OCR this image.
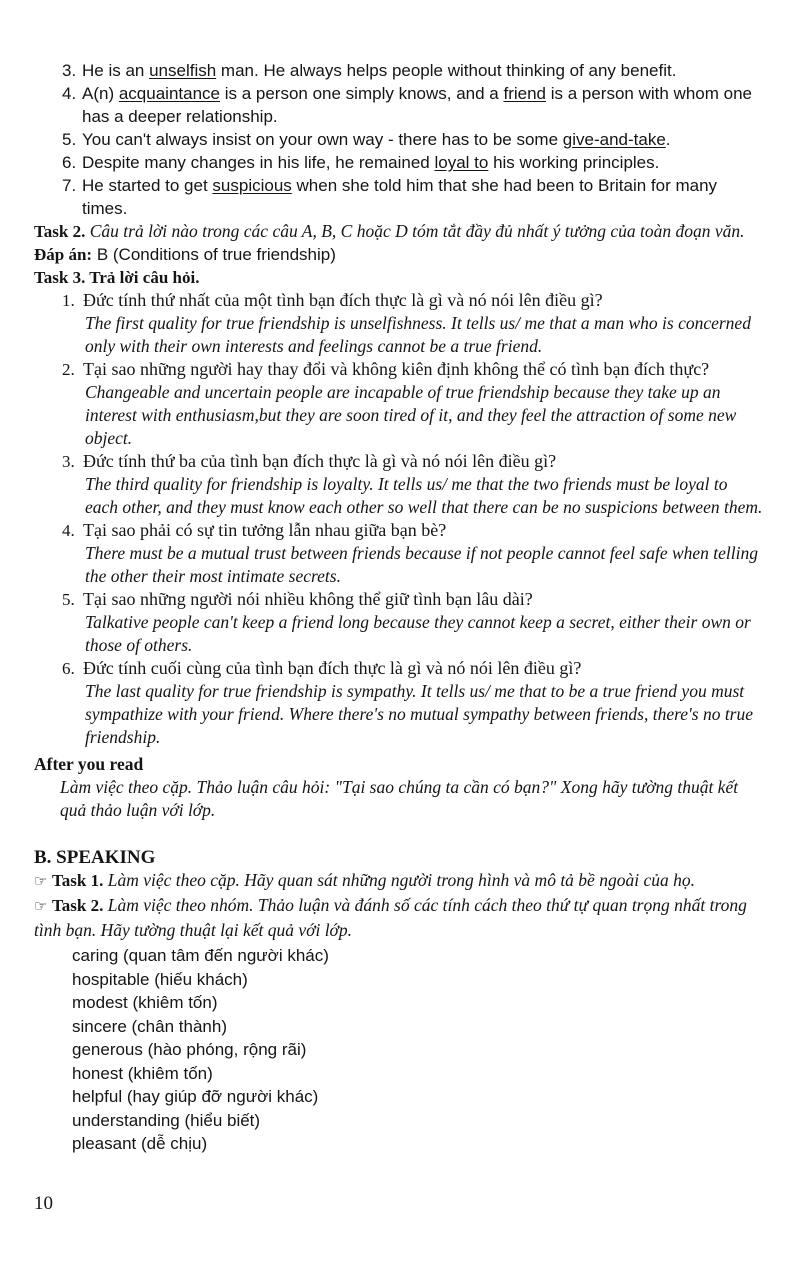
3. He is an unselfish man. He always helps people without thinking of any benefit.
4. A(n) acquaintance is a person one simply knows, and a friend is a person with whom one has a deeper relationship.
5. You can't always insist on your own way - there has to be some give-and-take.
6. Despite many changes in his life, he remained loyal to his working principles.
7. He started to get suspicious when she told him that she had been to Britain for many times.
Task 2. Câu trả lời nào trong các câu A, B, C hoặc D tóm tắt đầy đủ nhất ý tưởng của toàn đoạn văn.
Đáp án: B (Conditions of true friendship)
Task 3. Trả lời câu hỏi.
1. Đức tính thứ nhất của một tình bạn đích thực là gì và nó nói lên điều gì?
The first quality for true friendship is unselfishness. It tells us/ me that a man who is concerned only with their own interests and feelings cannot be a true friend.
2. Tại sao những người hay thay đổi và không kiên định không thể có tình bạn đích thực?
Changeable and uncertain people are incapable of true friendship because they take up an interest with enthusiasm,but they are soon tired of it, and they feel the attraction of some new object.
3. Đức tính thứ ba của tình bạn đích thực là gì và nó nói lên điều gì?
The third quality for friendship is loyalty. It tells us/ me that the two friends must be loyal to each other, and they must know each other so well that there can be no suspicions between them.
4. Tại sao phải có sự tin tưởng lẫn nhau giữa bạn bè?
There must be a mutual trust between friends because if not people cannot feel safe when telling the other their most intimate secrets.
5. Tại sao những người nói nhiều không thể giữ tình bạn lâu dài?
Talkative people can't keep a friend long because they cannot keep a secret, either their own or those of others.
6. Đức tính cuối cùng của tình bạn đích thực là gì và nó nói lên điều gì?
The last quality for true friendship is sympathy. It tells us/ me that to be a true friend you must sympathize with your friend. Where there's no mutual sympathy between friends, there's no true friendship.
After you read
Làm việc theo cặp. Thảo luận câu hỏi: "Tại sao chúng ta cần có bạn?" Xong hãy tường thuật kết quả thảo luận với lớp.
B. SPEAKING
☞ Task 1. Làm việc theo cặp. Hãy quan sát những người trong hình và mô tả bề ngoài của họ.
☞ Task 2. Làm việc theo nhóm. Thảo luận và đánh số các tính cách theo thứ tự quan trọng nhất trong tình bạn. Hãy tường thuật lại kết quả với lớp.
caring (quan tâm đến người khác)
hospitable (hiếu khách)
modest (khiêm tốn)
sincere (chân thành)
generous (hào phóng, rộng rãi)
honest (khiêm tốn)
helpful (hay giúp đỡ người khác)
understanding (hiểu biết)
pleasant (dễ chịu)
10
